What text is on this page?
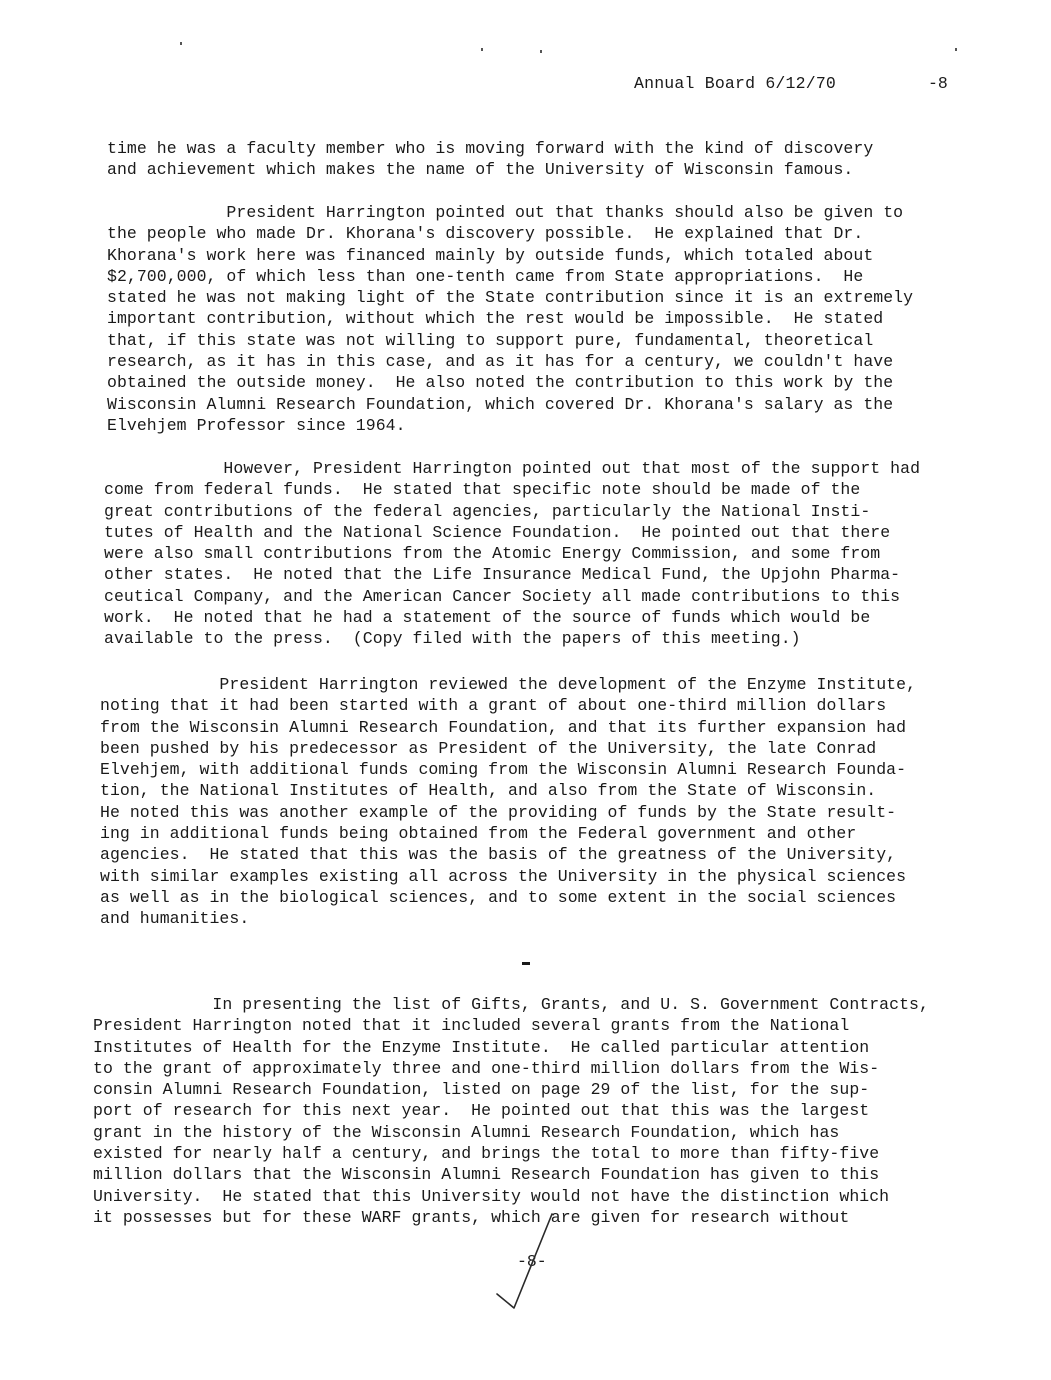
Annual Board 6/12/70	-8

time he was a faculty member who is moving forward with the kind of discovery
and achievement which makes the name of the University of Wisconsin famous.

President Harrington pointed out that thanks should also be given to
the people who made Dr. Khorana's discovery possible.  He explained that Dr.
Khorana's work here was financed mainly by outside funds, which totaled about
$2,700,000, of which less than one-tenth came from State appropriations.  He
stated he was not making light of the State contribution since it is an extremely
important contribution, without which the rest would be impossible.  He stated
that, if this state was not willing to support pure, fundamental, theoretical
research, as it has in this case, and as it has for a century, we couldn't have
obtained the outside money.  He also noted the contribution to this work by the
Wisconsin Alumni Research Foundation, which covered Dr. Khorana's salary as the
Elvehjem Professor since 1964.

However, President Harrington pointed out that most of the support had
come from federal funds.  He stated that specific note should be made of the
great contributions of the federal agencies, particularly the National Insti-
tutes of Health and the National Science Foundation.  He pointed out that there
were also small contributions from the Atomic Energy Commission, and some from
other states.  He noted that the Life Insurance Medical Fund, the Upjohn Pharma-
ceutical Company, and the American Cancer Society all made contributions to this
work.  He noted that he had a statement of the source of funds which would be
available to the press.  (Copy filed with the papers of this meeting.)

President Harrington reviewed the development of the Enzyme Institute,
noting that it had been started with a grant of about one-third million dollars
from the Wisconsin Alumni Research Foundation, and that its further expansion had
been pushed by his predecessor as President of the University, the late Conrad
Elvehjem, with additional funds coming from the Wisconsin Alumni Research Founda-
tion, the National Institutes of Health, and also from the State of Wisconsin.
He noted this was another example of the providing of funds by the State result-
ing in additional funds being obtained from the Federal government and other
agencies.  He stated that this was the basis of the greatness of the University,
with similar examples existing all across the University in the physical sciences
as well as in the biological sciences, and to some extent in the social sciences
and humanities.

In presenting the list of Gifts, Grants, and U. S. Government Contracts,
President Harrington noted that it included several grants from the National
Institutes of Health for the Enzyme Institute.  He called particular attention
to the grant of approximately three and one-third million dollars from the Wis-
consin Alumni Research Foundation, listed on page 29 of the list, for the sup-
port of research for this next year.  He pointed out that this was the largest
grant in the history of the Wisconsin Alumni Research Foundation, which has
existed for nearly half a century, and brings the total to more than fifty-five
million dollars that the Wisconsin Alumni Research Foundation has given to this
University.  He stated that this University would not have the distinction which
it possesses but for these WARF grants, which are given for research without

-8-
